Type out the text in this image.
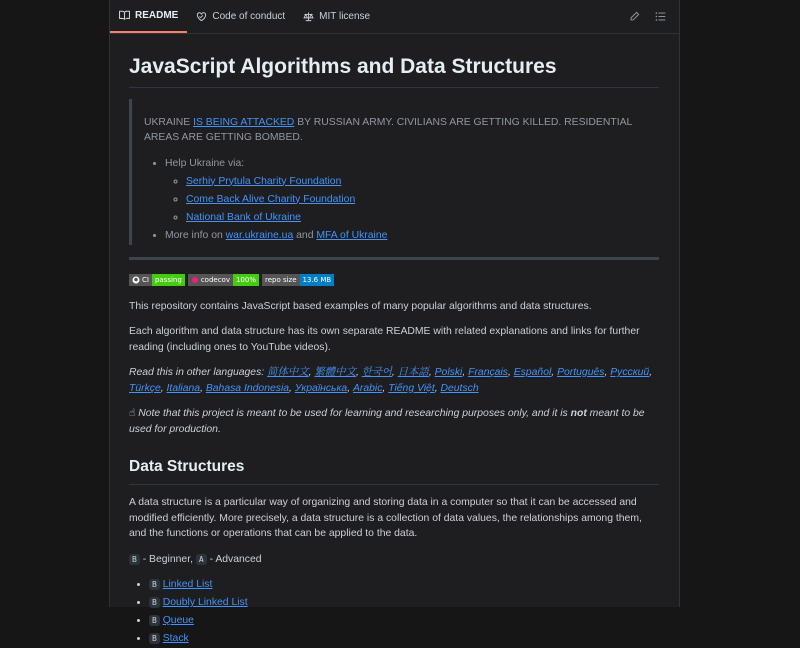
README	Code of conduct	MIT license
JavaScript Algorithms and Data Structures

UKRAINE IS BEING ATTACKED BY RUSSIAN ARMY. CIVILIANS ARE GETTING KILLED. RESIDENTIAL AREAS ARE GETTING BOMBED.

• Help Ukraine via:
◦ Serhiy Prytula Charity Foundation
◦ Come Back Alive Charity Foundation
◦ National Bank of Ukraine
• More info on war.ukraine.ua and MFA of Ukraine
CI passing	codecov 100%	repo size 13.6 MB

This repository contains JavaScript based examples of many popular algorithms and data structures.

Each algorithm and data structure has its own separate README with related explanations and links for further reading (including ones to YouTube videos).

Read this in other languages: 简体中文, 繁體中文, 한국어, 日本語, Polski, Français, Español, Português, Русский, Türkçe, Italiana, Bahasa Indonesia, Українська, Arabic, Tiếng Việt, Deutsch

☝ Note that this project is meant to be used for learning and researching purposes only, and it is not meant to be used for production.

Data Structures

A data structure is a particular way of organizing and storing data in a computer so that it can be accessed and modified efficiently. More precisely, a data structure is a collection of data values, the relationships among them, and the functions or operations that can be applied to the data.

B - Beginner, A - Advanced

• B Linked List
• B Doubly Linked List
• B Queue
• B Stack
